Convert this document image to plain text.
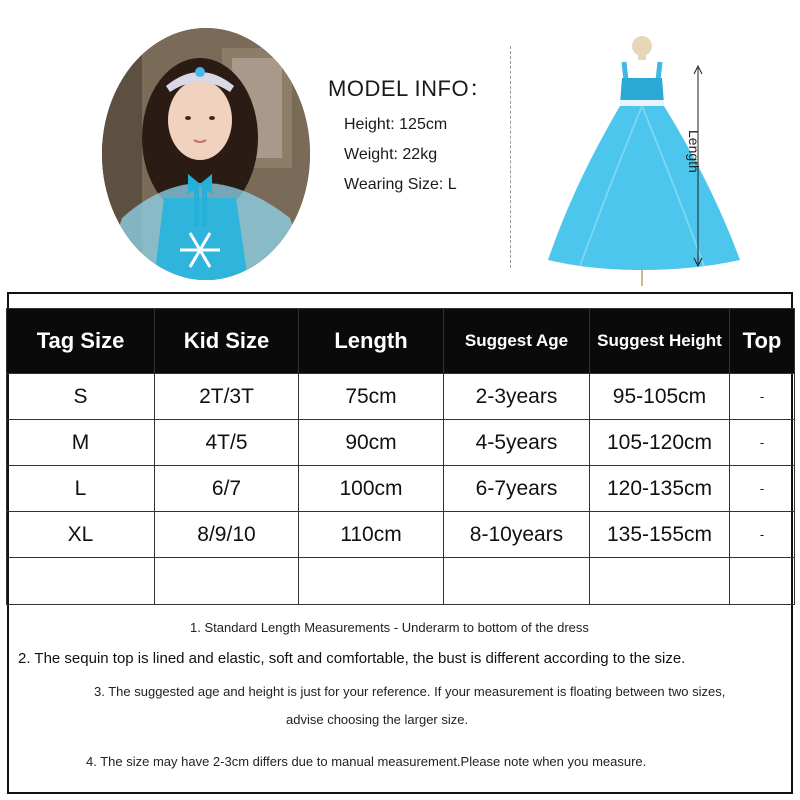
MODEL INFO：
Height: 125cm
Weight: 22kg
Wearing Size: L
Length
Tag Size	Kid Size	Length	Suggest Age	Suggest Height	Top
S	2T/3T	75cm	2-3years	95-105cm	-
M	4T/5	90cm	4-5years	105-120cm	-
L	6/7	100cm	6-7years	120-135cm	-
XL	8/9/10	110cm	8-10years	135-155cm	-

1. Standard Length Measurements - Underarm to bottom of the dress
2. The sequin top is lined and elastic, soft and comfortable, the bust is different according to the size.
3. The suggested age and height is just for your reference. If your measurement is floating between two sizes,
advise choosing the larger size.
4. The size may have 2-3cm differs due to manual measurement.Please note when you measure.
